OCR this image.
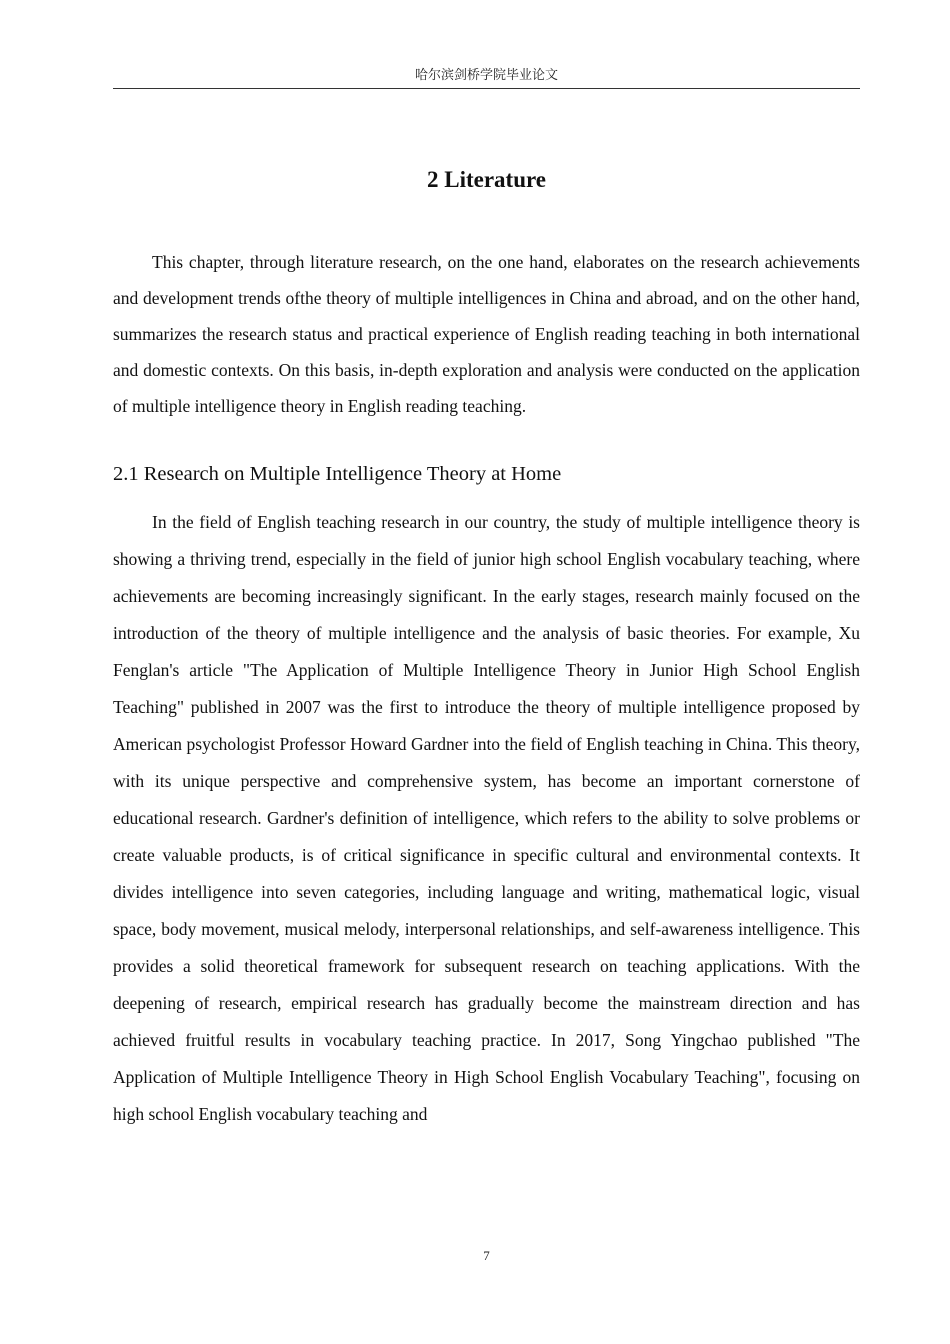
哈尔滨剑桥学院毕业论文
2 Literature

This chapter, through literature research, on the one hand, elaborates on the research achievements and development trends ofthe theory of multiple intelligences in China and abroad, and on the other hand, summarizes the research status and practical experience of English reading teaching in both international and domestic contexts. On this basis, in-depth exploration and analysis were conducted on the application of multiple intelligence theory in English reading teaching.

2.1 Research on Multiple Intelligence Theory at Home

In the field of English teaching research in our country, the study of multiple intelligence theory is showing a thriving trend, especially in the field of junior high school English vocabulary teaching, where achievements are becoming increasingly significant. In the early stages, research mainly focused on the introduction of the theory of multiple intelligence and the analysis of basic theories. For example, Xu Fenglan's article "The Application of Multiple Intelligence Theory in Junior High School English Teaching" published in 2007 was the first to introduce the theory of multiple intelligence proposed by American psychologist Professor Howard Gardner into the field of English teaching in China. This theory, with its unique perspective and comprehensive system, has become an important cornerstone of educational research. Gardner's definition of intelligence, which refers to the ability to solve problems or create valuable products, is of critical significance in specific cultural and environmental contexts. It divides intelligence into seven categories, including language and writing, mathematical logic, visual space, body movement, musical melody, interpersonal relationships, and self-awareness intelligence. This provides a solid theoretical framework for subsequent research on teaching applications. With the deepening of research, empirical research has gradually become the mainstream direction and has achieved fruitful results in vocabulary teaching practice. In 2017, Song Yingchao published "The Application of Multiple Intelligence Theory in High School English Vocabulary Teaching", focusing on high school English vocabulary teaching and

7
